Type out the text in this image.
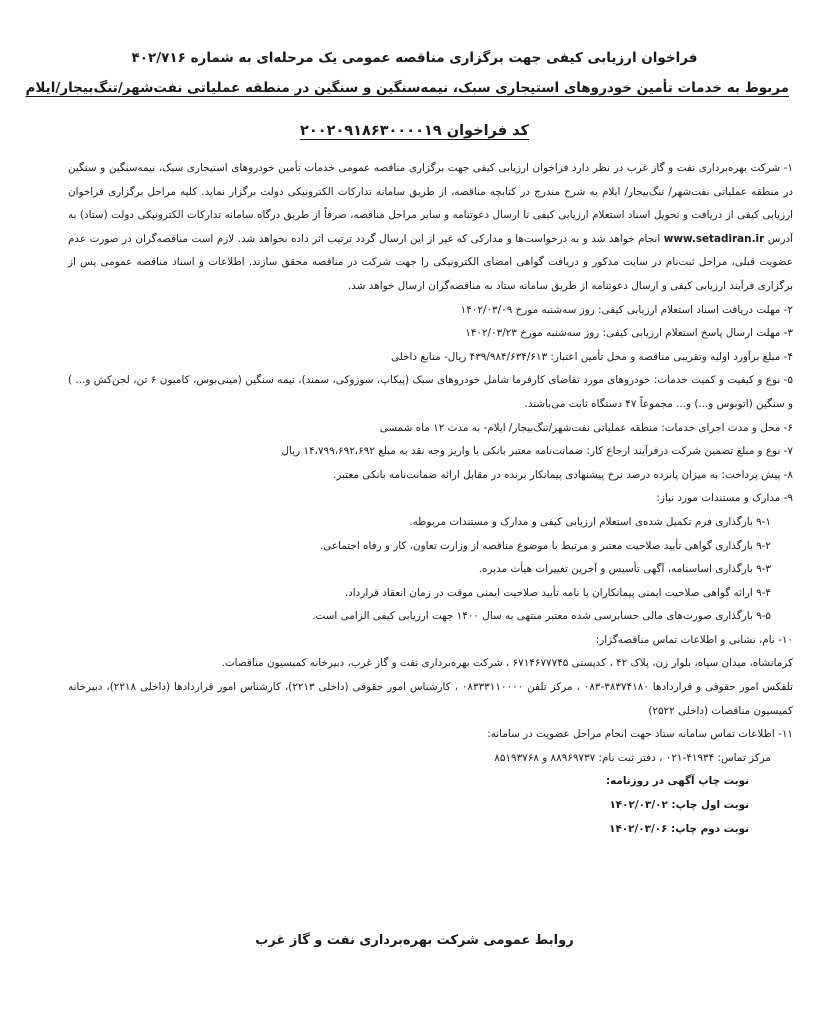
فراخوان ارزیابی کیفی جهت برگزاری مناقصه عمومی یک مرحله‌ای به شماره ۴۰۲/۷۱۶
مربوط به خدمات تأمین خودروهای استیجاری سبک، نیمه‌سنگین و سنگین در منطقه عملیاتی نفت‌شهر/تنگ‌بیجار/ایلام
کد فراخوان ۲۰۰۲۰۹۱۸۶۳۰۰۰۰۱۹

۱- شرکت بهره‌برداری نفت و گاز غرب در نظر دارد فراخوان ارزیابی کیفی جهت برگزاری مناقصه عمومی خدمات تأمین خودروهای استیجاری سبک، نیمه‌سنگین و سنگین در منطقه عملیاتی نفت‌شهر/ تنگ‌بیجار/ ایلام به شرح مندرج در کتابچه مناقصه، از طریق سامانه تدارکات الکترونیکی دولت برگزار نماید. کلیه مراحل برگزاری فراخوان ارزیابی کیفی از دریافت و تحویل اسناد استعلام ارزیابی کیفی تا ارسال دعوتنامه و سایر مراحل مناقصه، صرفاً از طریق درگاه سامانه تدارکات الکترونیکی دولت (ستاد) به آدرس www.setadiran.ir انجام خواهد شد و به درخواست‌ها و مدارکی که غیر از این ارسال گردد ترتیب اثر داده نخواهد شد. لازم است مناقصه‌گران در صورت عدم عضویت قبلی، مراحل ثبت‌نام در سایت مذکور و دریافت گواهی امضای الکترونیکی را جهت شرکت در مناقصه محقق سازند. اطلاعات و اسناد مناقصه عمومی پس از برگزاری فرآیند ارزیابی کیفی و ارسال دعوتنامه از طریق سامانه ستاد به مناقصه‌گران ارسال خواهد شد.

۲- مهلت دریافت اسناد استعلام ارزیابی کیفی: روز سه‌شنبه مورخ ۱۴۰۲/۰۳/۰۹

۳- مهلت ارسال پاسخ استعلام ارزیابی کیفی: روز سه‌شنبه مورخ ۱۴۰۲/۰۳/۲۳

۴- مبلغ برآورد اولیه وتقریبی مناقصه و محل تأمین اعتبار: ۴۳۹/۹۸۴/۶۳۴/۶۱۳ ریال- منابع داخلی

۵- نوع و کیفیت و کمیت خدمات: خودروهای مورد تقاضای کارفرما شامل خودروهای سبک (پیکاپ، سوزوکی، سمند)، نیمه سنگین (مینی‌بوس، کامیون ۶ تن، لجن‌کش و... ) و سنگین (اتوبوس و...) و... مجموعاً ۴۷ دستگاه ثابت می‌باشند.

۶- محل و مدت اجرای خدمات: منطقه عملیاتی نفت‌شهر/تنگ‌بیجار/ ایلام- به مدت ۱۲ ماه شمسی

۷- نوع و مبلغ تضمین شرکت درفرآیند ارجاع کار: ضمانت‌نامه معتبر بانکی یا واریز وجه نقد به مبلغ ۱۴،۷۹۹،۶۹۲،۶۹۲ ریال

۸- پیش پرداخت: به میزان پانزده درصد نرخ پیشنهادی پیمانکار برنده در مقابل ارائه ضمانت‌نامه بانکی معتبر.

۹- مدارک و مستندات مورد نیاز:

۹-۱ بارگذاری فرم تکمیل شده‌ی استعلام ارزیابی کیفی و مدارک و مستندات مربوطه.

۹-۲ بارگذاری گواهی تأیید صلاحیت معتبر و مرتبط با موضوع مناقصه از وزارت تعاون، کار و رفاه اجتماعی.

۹-۳ بارگذاری اساسنامه، آگهی تأسیس و آخرین تغییرات هیأت مدیره.

۹-۴ ارائه گواهی صلاحیت ایمنی پیمانکاران یا نامه تأیید صلاحیت ایمنی موقت در زمان انعقاد قرارداد.

۹-۵ بارگذاری صورت‌های مالی حسابرسی شده معتبر منتهی به سال ۱۴۰۰ جهت ارزیابی کیفی الزامی است.

۱۰- نام، نشانی و اطلاعات تماس مناقصه‌گزار:

کرمانشاه، میدان سپاه، بلوار زن، پلاک ۴۲ ، کدپستی ۶۷۱۴۶۷۷۷۴۵ ، شرکت بهره‌برداری نفت و گاز غرب، دبیرخانه کمیسیون مناقصات.

تلفکس امور حقوقی و قراردادها ۳۸۳۷۴۱۸۰-۰۸۳ ، مرکز تلفن ۰۸۳۳۳۱۱۰۰۰۰ ، کارشناس امور حقوقی (داخلی ۲۲۱۳)، کارشناس امور قراردادها (داخلی ۲۲۱۸)، دبیرخانه کمیسیون مناقصات (داخلی ۲۵۲۲)

۱۱- اطلاعات تماس سامانه ستاد جهت انجام مراحل عضویت در سامانه:

مرکز تماس: ۴۱۹۳۴-۰۲۱ ، دفتر ثبت نام: ۸۸۹۶۹۷۳۷ و ۸۵۱۹۳۷۶۸

نوبت چاپ آگهی در روزنامه:

نوبت اول چاپ: ۱۴۰۲/۰۳/۰۲

نوبت دوم چاپ: ۱۴۰۲/۰۳/۰۶

روابط عمومی شرکت بهره‌برداری نفت و گاز غرب
